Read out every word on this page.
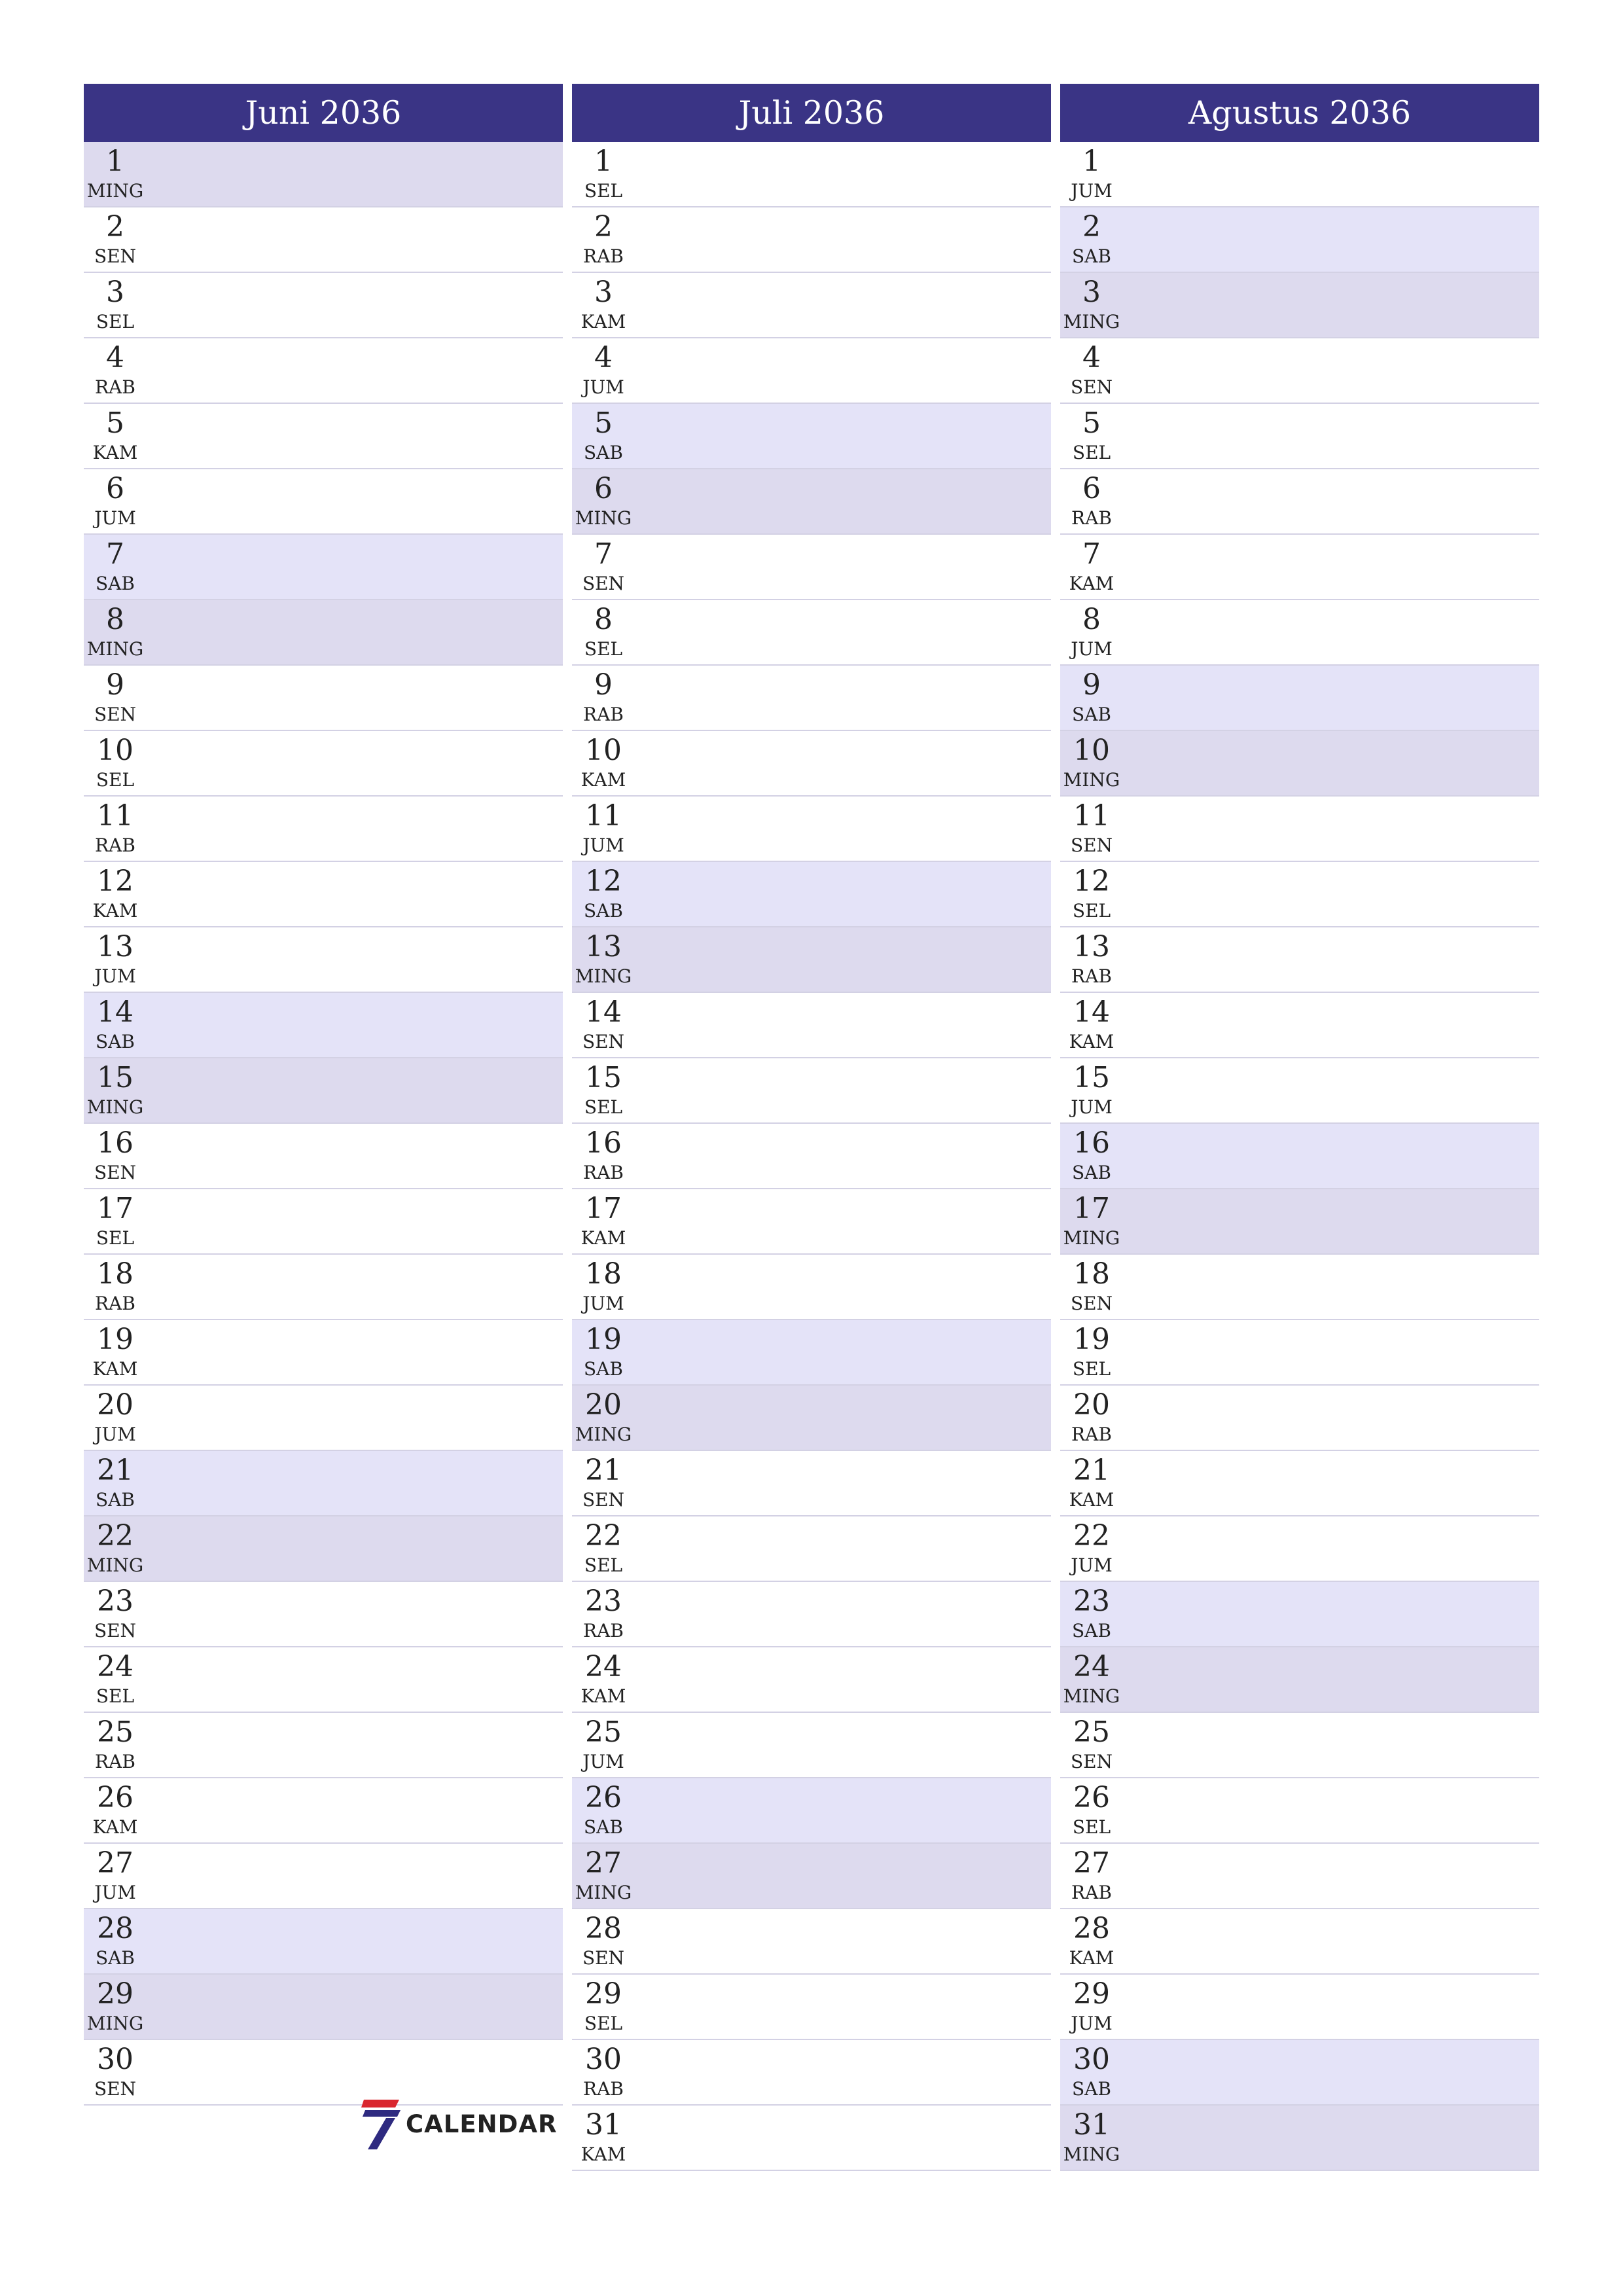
Juni 2036
1
MING
2
SEN
3
SEL
4
RAB
5
KAM
6
JUM
7
SAB
8
MING
9
SEN
10
SEL
11
RAB
12
KAM
13
JUM
14
SAB
15
MING
16
SEN
17
SEL
18
RAB
19
KAM
20
JUM
21
SAB
22
MING
23
SEN
24
SEL
25
RAB
26
KAM
27
JUM
28
SAB
29
MING
30
SEN
Juli 2036
1
SEL
2
RAB
3
KAM
4
JUM
5
SAB
6
MING
7
SEN
8
SEL
9
RAB
10
KAM
11
JUM
12
SAB
13
MING
14
SEN
15
SEL
16
RAB
17
KAM
18
JUM
19
SAB
20
MING
21
SEN
22
SEL
23
RAB
24
KAM
25
JUM
26
SAB
27
MING
28
SEN
29
SEL
30
RAB
31
KAM
Agustus 2036
1
JUM
2
SAB
3
MING
4
SEN
5
SEL
6
RAB
7
KAM
8
JUM
9
SAB
10
MING
11
SEN
12
SEL
13
RAB
14
KAM
15
JUM
16
SAB
17
MING
18
SEN
19
SEL
20
RAB
21
KAM
22
JUM
23
SAB
24
MING
25
SEN
26
SEL
27
RAB
28
KAM
29
JUM
30
SAB
31
MING
CALENDAR
